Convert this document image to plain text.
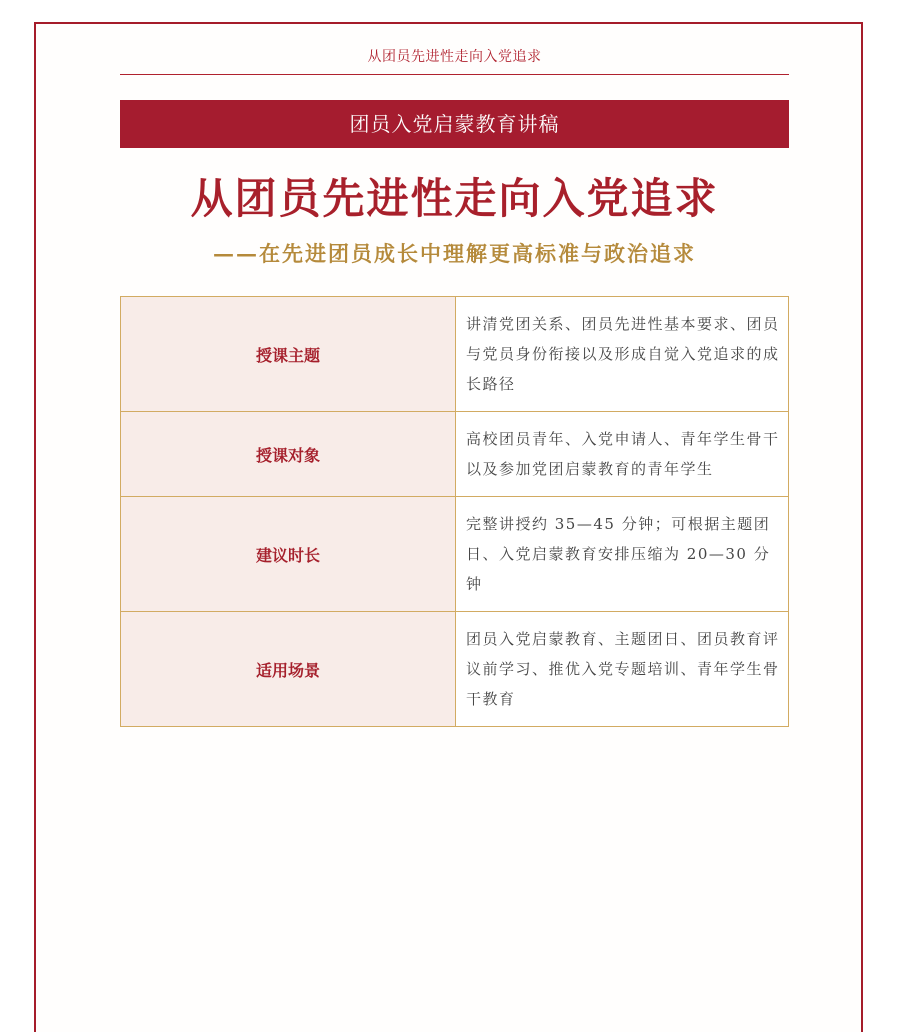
从团员先进性走向入党追求
团员入党启蒙教育讲稿
从团员先进性走向入党追求
——在先进团员成长中理解更高标准与政治追求
授课主题	讲清党团关系、团员先进性基本要求、团员与党员身份衔接以及形成自觉入党追求的成长路径
授课对象	高校团员青年、入党申请人、青年学生骨干以及参加党团启蒙教育的青年学生
建议时长	完整讲授约 35—45 分钟；可根据主题团日、入党启蒙教育安排压缩为 20—30 分钟
适用场景	团员入党启蒙教育、主题团日、团员教育评议前学习、推优入党专题培训、青年学生骨干教育
